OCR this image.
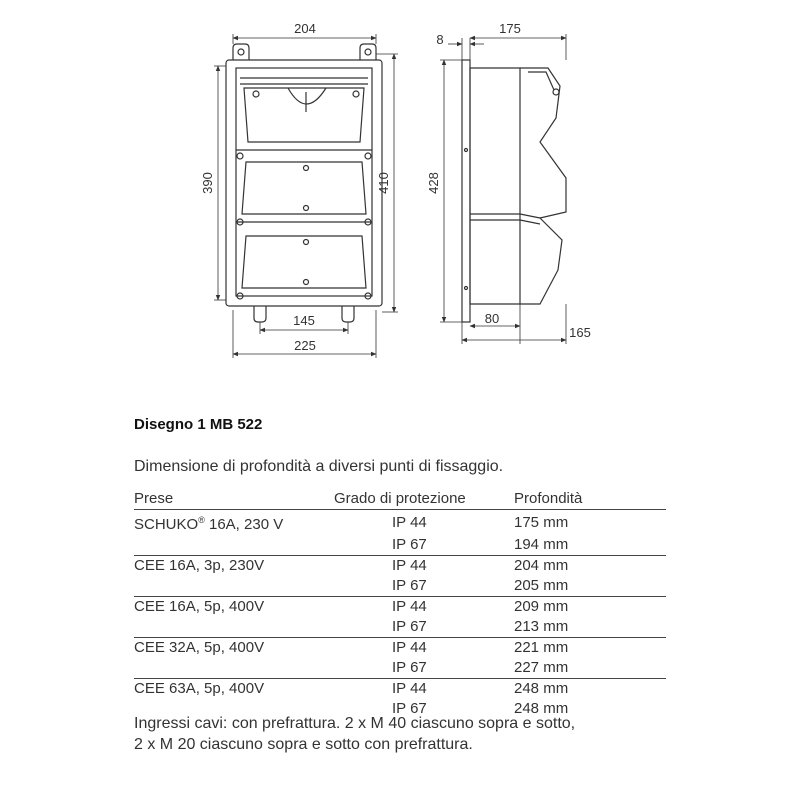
204
390	410
145
225
8
175
428
80
165
Disegno 1 MB 522
Dimensione di profondità a diversi punti di fissaggio.
Prese	Grado di protezione	Profondità
SCHUKO® 16A, 230 V	IP 44	175 mm
	IP 67	194 mm
CEE 16A, 3p, 230V	IP 44	204 mm
	IP 67	205 mm
CEE 16A, 5p, 400V	IP 44	209 mm
	IP 67	213 mm
CEE 32A, 5p, 400V	IP 44	221 mm
	IP 67	227 mm
CEE 63A, 5p, 400V	IP 44	248 mm
	IP 67	248 mm
Ingressi cavi: con prefrattura. 2 x M 40 ciascuno sopra e sotto,
2 x M 20 ciascuno sopra e sotto con prefrattura.
